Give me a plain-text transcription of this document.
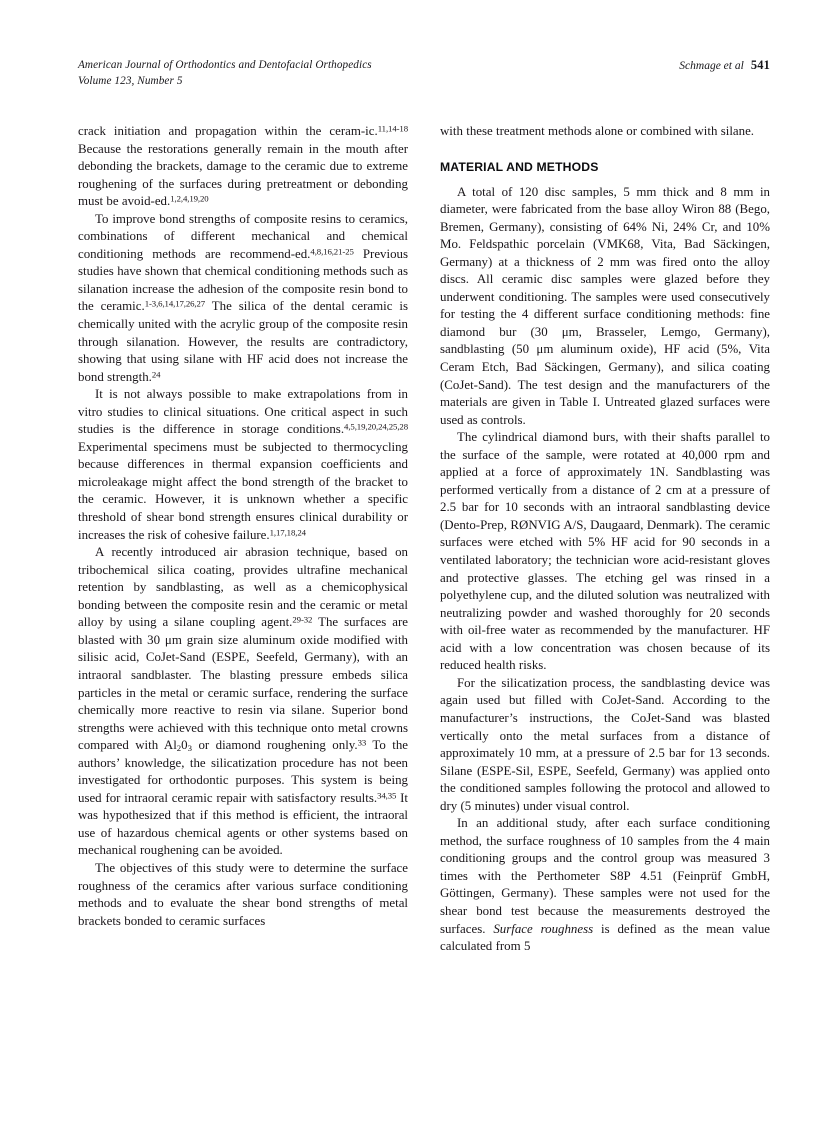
American Journal of Orthodontics and Dentofacial Orthopedics
Volume 123, Number 5
Schmage et al 541

crack initiation and propagation within the ceram-ic.$^{11,14-18}$ Because the restorations generally remain in the mouth after debonding the brackets, damage to the ceramic due to extreme roughening of the surfaces during pretreatment or debonding must be avoid-ed.$^{1,2,4,19,20}$

To improve bond strengths of composite resins to ceramics, combinations of different mechanical and chemical conditioning methods are recommend-ed.$^{4,8,16,21-25}$ Previous studies have shown that chemical conditioning methods such as silanation increase the adhesion of the composite resin bond to the ceramic.$^{1-3,6,14,17,26,27}$ The silica of the dental ceramic is chemically united with the acrylic group of the composite resin through silanation. However, the results are contradictory, showing that using silane with HF acid does not increase the bond strength.$^{24}$

It is not always possible to make extrapolations from in vitro studies to clinical situations. One critical aspect in such studies is the difference in storage conditions.$^{4,5,19,20,24,25,28}$ Experimental specimens must be subjected to thermocycling because differences in thermal expansion coefficients and microleakage might affect the bond strength of the bracket to the ceramic. However, it is unknown whether a specific threshold of shear bond strength ensures clinical durability or increases the risk of cohesive failure.$^{1,17,18,24}$

A recently introduced air abrasion technique, based on tribochemical silica coating, provides ultrafine mechanical retention by sandblasting, as well as a chemicophysical bonding between the composite resin and the ceramic or metal alloy by using a silane coupling agent.$^{29-32}$ The surfaces are blasted with 30 μm grain size aluminum oxide modified with silisic acid, CoJet-Sand (ESPE, Seefeld, Germany), with an intraoral sandblaster. The blasting pressure embeds silica particles in the metal or ceramic surface, rendering the surface chemically more reactive to resin via silane. Superior bond strengths were achieved with this technique onto metal crowns compared with $Al_20_3$ or diamond roughening only.$^{33}$ To the authors’ knowledge, the silicatization procedure has not been investigated for orthodontic purposes. This system is being used for intraoral ceramic repair with satisfactory results.$^{34,35}$ It was hypothesized that if this method is efficient, the intraoral use of hazardous chemical agents or other systems based on mechanical roughening can be avoided.

The objectives of this study were to determine the surface roughness of the ceramics after various surface conditioning methods and to evaluate the shear bond strengths of metal brackets bonded to ceramic surfaces

with these treatment methods alone or combined with silane.

MATERIAL AND METHODS

A total of 120 disc samples, 5 mm thick and 8 mm in diameter, were fabricated from the base alloy Wiron 88 (Bego, Bremen, Germany), consisting of 64% Ni, 24% Cr, and 10% Mo. Feldspathic porcelain (VMK68, Vita, Bad Säckingen, Germany) at a thickness of 2 mm was fired onto the alloy discs. All ceramic disc samples were glazed before they underwent conditioning. The samples were used consecutively for testing the 4 different surface conditioning methods: fine diamond bur (30 μm, Brasseler, Lemgo, Germany), sandblasting (50 μm aluminum oxide), HF acid (5%, Vita Ceram Etch, Bad Säckingen, Germany), and silica coating (CoJet-Sand). The test design and the manufacturers of the materials are given in Table I. Untreated glazed surfaces were used as controls.

The cylindrical diamond burs, with their shafts parallel to the surface of the sample, were rotated at 40,000 rpm and applied at a force of approximately 1N. Sandblasting was performed vertically from a distance of 2 cm at a pressure of 2.5 bar for 10 seconds with an intraoral sandblasting device (Dento-Prep, RØNVIG A/S, Daugaard, Denmark). The ceramic surfaces were etched with 5% HF acid for 90 seconds in a ventilated laboratory; the technician wore acid-resistant gloves and protective glasses. The etching gel was rinsed in a polyethylene cup, and the diluted solution was neutralized with neutralizing powder and washed thoroughly for 20 seconds with oil-free water as recommended by the manufacturer. HF acid with a low concentration was chosen because of its reduced health risks.

For the silicatization process, the sandblasting device was again used but filled with CoJet-Sand. According to the manufacturer’s instructions, the CoJet-Sand was blasted vertically onto the metal surfaces from a distance of approximately 10 mm, at a pressure of 2.5 bar for 13 seconds. Silane (ESPE-Sil, ESPE, Seefeld, Germany) was applied onto the conditioned samples following the protocol and allowed to dry (5 minutes) under visual control.

In an additional study, after each surface conditioning method, the surface roughness of 10 samples from the 4 main conditioning groups and the control group was measured 3 times with the Perthometer S8P 4.51 (Feinprüf GmbH, Göttingen, Germany). These samples were not used for the shear bond test because the measurements destroyed the surfaces. Surface roughness is defined as the mean value calculated from 5
